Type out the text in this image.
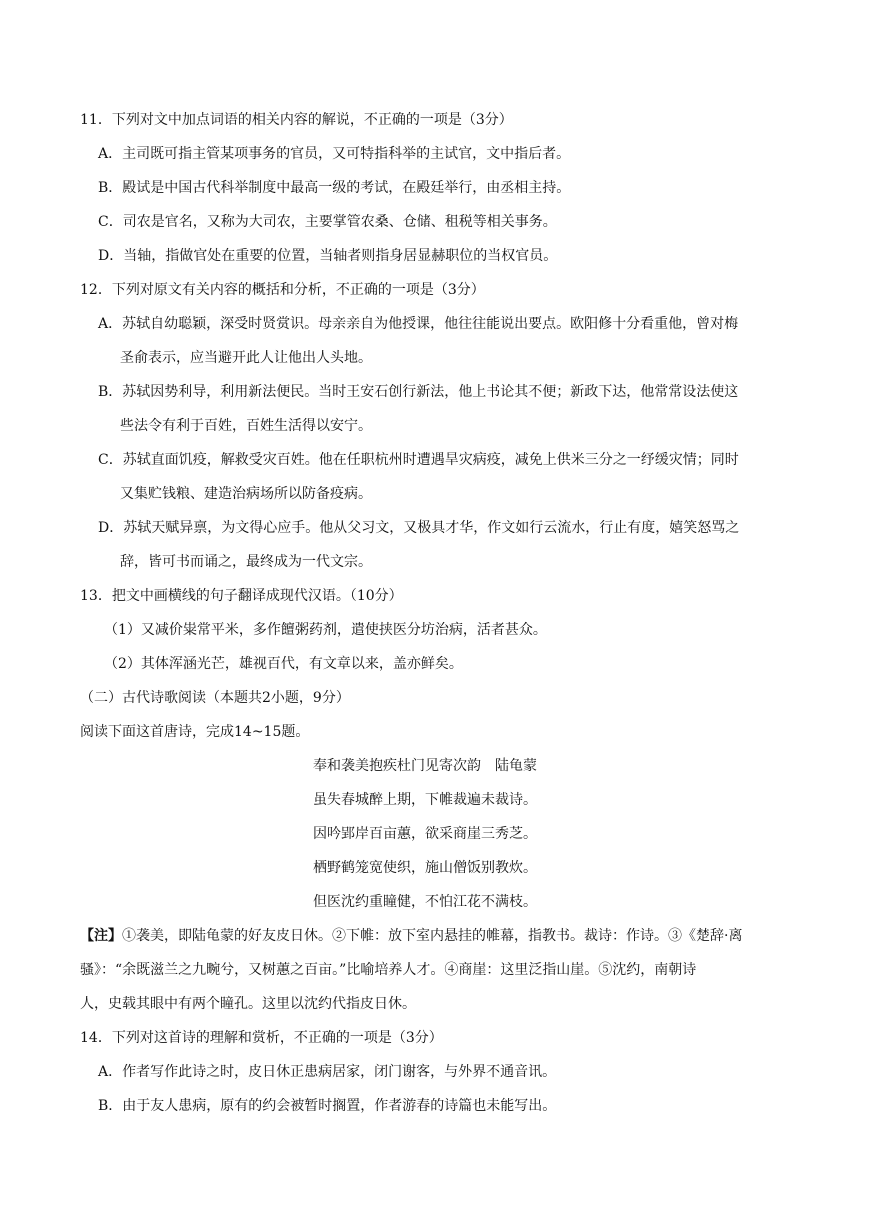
11．下列对文中加点词语的相关内容的解说，不正确的一项是（3分）
A．主司既可指主管某项事务的官员，又可特指科举的主试官，文中指后者。
B．殿试是中国古代科举制度中最高一级的考试，在殿廷举行，由丞相主持。
C．司农是官名，又称为大司农，主要掌管农桑、仓储、租税等相关事务。
D．当轴，指做官处在重要的位置，当轴者则指身居显赫职位的当权官员。
12．下列对原文有关内容的概括和分析，不正确的一项是（3分）
A．苏轼自幼聪颖，深受时贤赏识。母亲亲自为他授课，他往往能说出要点。欧阳修十分看重他，曾对梅
圣俞表示，应当避开此人让他出人头地。
B．苏轼因势利导，利用新法便民。当时王安石创行新法，他上书论其不便；新政下达，他常常设法使这
些法令有利于百姓，百姓生活得以安宁。
C．苏轼直面饥疫，解救受灾百姓。他在任职杭州时遭遇旱灾病疫，减免上供米三分之一纾缓灾情；同时
又集贮钱粮、建造治病场所以防备疫病。
D．苏轼天赋异禀，为文得心应手。他从父习文，又极具才华，作文如行云流水，行止有度，嬉笑怒骂之
辞，皆可书而诵之，最终成为一代文宗。
13．把文中画横线的句子翻译成现代汉语。（10分）
（1）又减价粜常平米，多作饘粥药剂，遣使挟医分坊治病，活者甚众。
（2）其体浑涵光芒，雄视百代，有文章以来，盖亦鲜矣。
（二）古代诗歌阅读（本题共2小题，9分）
阅读下面这首唐诗，完成14~15题。
奉和袭美抱疾杜门见寄次韵　陆龟蒙
虽失春城醉上期，下帷裁遍未裁诗。
因吟郢岸百亩蕙，欲采商崖三秀芝。
栖野鹤笼宽使织，施山僧饭别教炊。
但医沈约重瞳健，不怕江花不满枝。
【注】①袭美，即陆龟蒙的好友皮日休。②下帷：放下室内悬挂的帷幕，指教书。裁诗：作诗。③《楚辞·离
骚》：“余既滋兰之九畹兮，又树蕙之百亩。”比喻培养人才。④商崖：这里泛指山崖。⑤沈约，南朝诗
人，史载其眼中有两个瞳孔。这里以沈约代指皮日休。
14．下列对这首诗的理解和赏析，不正确的一项是（3分）
A．作者写作此诗之时，皮日休正患病居家，闭门谢客，与外界不通音讯。
B．由于友人患病，原有的约会被暂时搁置，作者游春的诗篇也未能写出。
